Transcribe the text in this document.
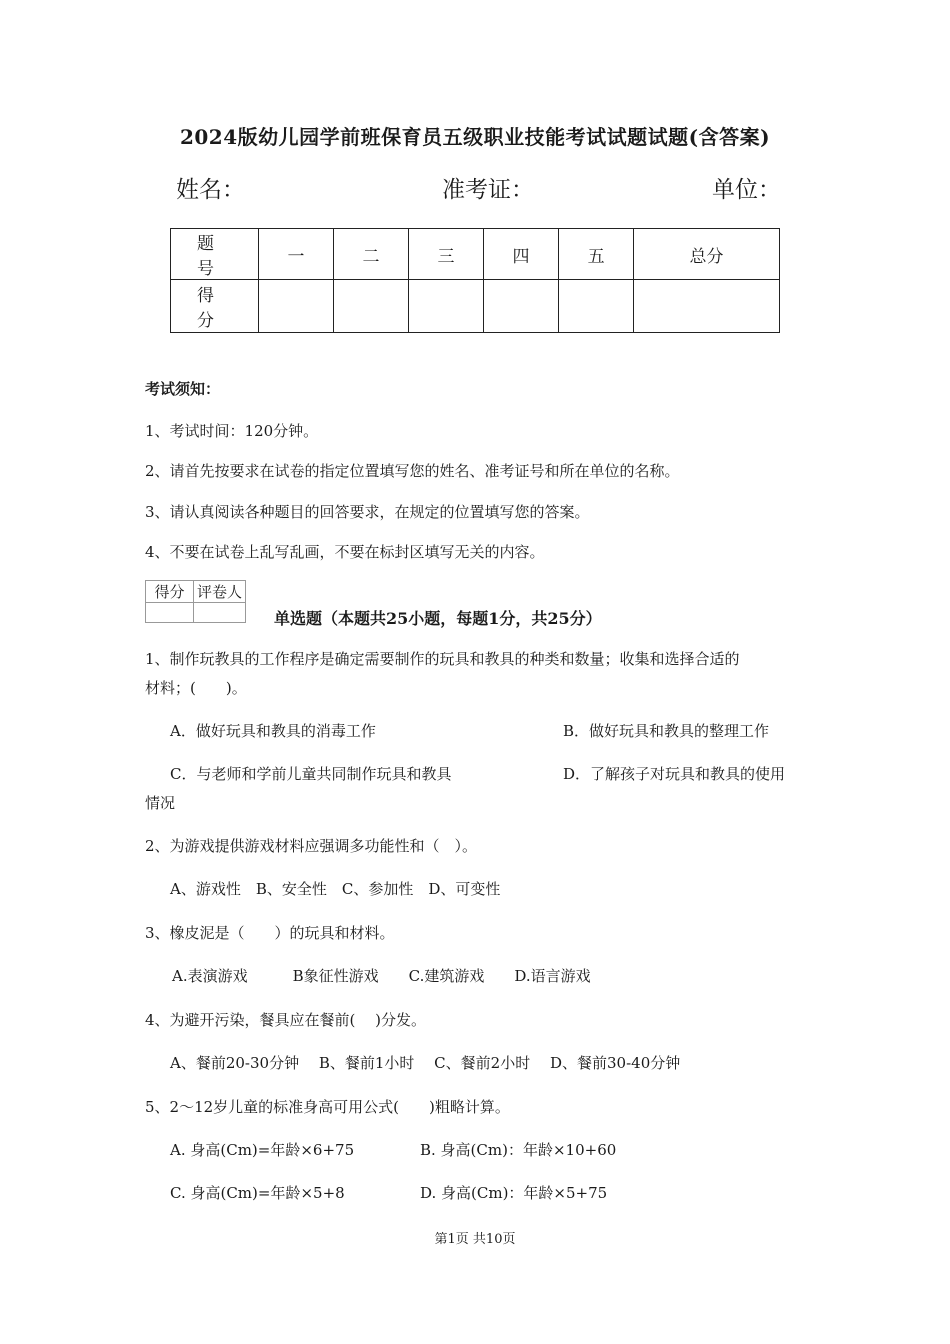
2024版幼儿园学前班保育员五级职业技能考试试题试题(含答案)
姓名：	准考证：	单位：
题　号	一	二	三	四	五	总分
得　分						
考试须知：
1、考试时间：120分钟。
2、请首先按要求在试卷的指定位置填写您的姓名、准考证号和所在单位的名称。
3、请认真阅读各种题目的回答要求，在规定的位置填写您的答案。
4、不要在试卷上乱写乱画，不要在标封区填写无关的内容。
得分	评卷人

单选题（本题共25小题，每题1分，共25分）
1、制作玩教具的工作程序是确定需要制作的玩具和教具的种类和数量；收集和选择合适的
材料；(　　)。
A．做好玩具和教具的消毒工作	B．做好玩具和教具的整理工作
C．与老师和学前儿童共同制作玩具和教具	D．了解孩子对玩具和教具的使用
情况
2、为游戏提供游戏材料应强调多功能性和（　）。
A、游戏性　B、安全性　C、参加性　D、可变性
3、橡皮泥是（　　）的玩具和材料。
A.表演游戏　　　B象征性游戏　　C.建筑游戏　　D.语言游戏
4、为避开污染，餐具应在餐前(　 )分发。
A、餐前20-30分钟　 B、餐前1小时　 C、餐前2小时　 D、餐前30-40分钟
5、2～12岁儿童的标准身高可用公式(　　)粗略计算。
A. 身高(Cm)=年龄×6+75	B. 身高(Cm)：年龄×10+60
C. 身高(Cm)=年龄×5+8	D. 身高(Cm)：年龄×5+75
第1页 共10页
